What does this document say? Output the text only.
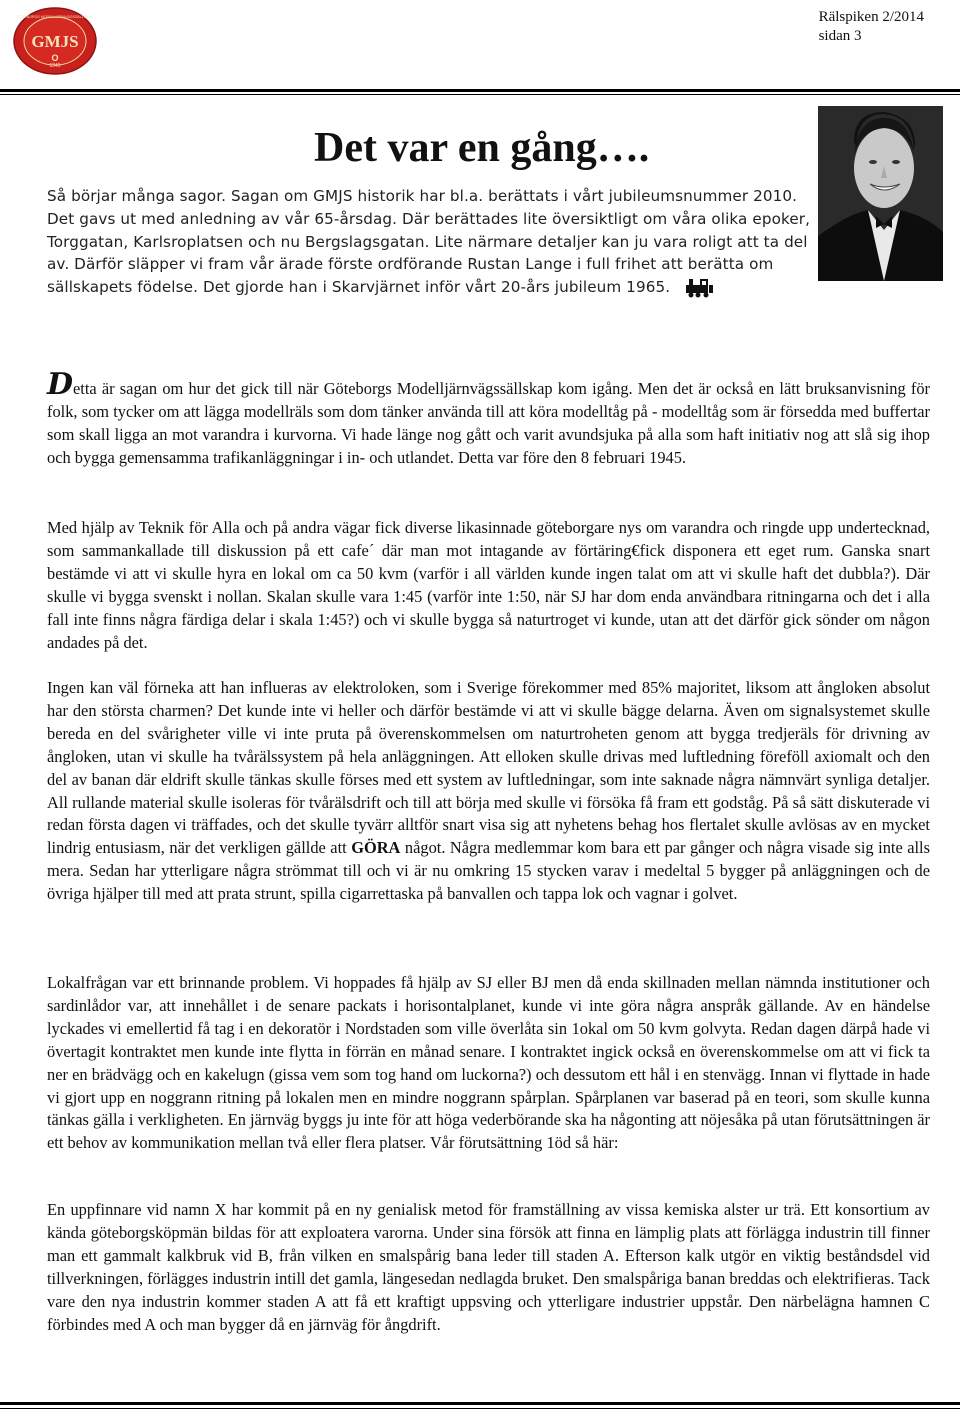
GMJS
1945
GÖTEBORGS MODELLJÄRNVÄGSSÄLLSKAP
O
Rälspiken 2/2014
sidan 3
Det var en gång….

Så börjar många sagor. Sagan om GMJS historik har bl.a. berättats i vårt jubileumsnummer 2010. Det gavs ut med anledning av vår 65-årsdag. Där berättades lite översiktligt om våra olika epoker, Torggatan, Karlsroplatsen och nu Bergslagsgatan. Lite närmare detaljer kan ju vara roligt att ta del av. Därför släpper vi fram vår ärade förste ordförande Rustan Lange i full frihet att berätta om sällskapets födelse. Det gjorde han i Skarvjärnet inför vårt 20-års jubileum 1965.

Detta är sagan om hur det gick till när Göteborgs Modelljärnvägssällskap kom igång. Men det är också en lätt bruksanvisning för folk, som tycker om att lägga modellräls som dom tänker använda till att köra modelltåg på - modelltåg som är försedda med buffertar som skall ligga an mot varandra i kurvorna. Vi hade länge nog gått och varit avundsjuka på alla som haft initiativ nog att slå sig ihop och bygga gemensamma trafikanläggningar i in- och utlandet. Detta var före den 8 februari 1945.

Med hjälp av Teknik för Alla och på andra vägar fick diverse likasinnade göteborgare nys om varandra och ringde upp undertecknad, som sammankallade till diskussion på ett cafe´ där man mot intagande av förtäring€fick disponera ett eget rum. Ganska snart bestämde vi att vi skulle hyra en lokal om ca 50 kvm (varför i all världen kunde ingen talat om att vi skulle haft det dubbla?). Där skulle vi bygga svenskt i nollan. Skalan skulle vara 1:45 (varför inte 1:50, när SJ har dom enda användbara ritningarna och det i alla fall inte finns några färdiga delar i skala 1:45?) och vi skulle bygga så naturtroget vi kunde, utan att det därför gick sönder om någon andades på det.

Ingen kan väl förneka att han influeras av elektroloken, som i Sverige förekommer med 85% majoritet, liksom att ångloken absolut har den största charmen? Det kunde inte vi heller och därför bestämde vi att vi skulle bägge delarna. Även om signalsystemet skulle bereda en del svårigheter ville vi inte pruta på överenskommelsen om naturtroheten genom att bygga tredjeräls för drivning av ångloken, utan vi skulle ha tvårälssystem på hela anläggningen. Att elloken skulle drivas med luftledning föreföll axiomalt och den del av banan där eldrift skulle tänkas skulle förses med ett system av luftledningar, som inte saknade några nämnvärt synliga detaljer. All rullande material skulle isoleras för tvårälsdrift och till att börja med skulle vi försöka få fram ett godståg. På så sätt diskuterade vi redan första dagen vi träffades, och det skulle tyvärr alltför snart visa sig att nyhetens behag hos flertalet skulle avlösas av en mycket lindrig entusiasm, när det verkligen gällde att GÖRA något. Några medlemmar kom bara ett par gånger och några visade sig inte alls mera. Sedan har ytterligare några strömmat till och vi är nu omkring 15 stycken varav i medeltal 5 bygger på anläggningen och de övriga hjälper till med att prata strunt, spilla cigarrettaska på banvallen och tappa lok och vagnar i golvet.

Lokalfrågan var ett brinnande problem. Vi hoppades få hjälp av SJ eller BJ men då enda skillnaden mellan nämnda institutioner och sardinlådor var, att innehållet i de senare packats i horisontalplanet, kunde vi inte göra några anspråk gällande. Av en händelse lyckades vi emellertid få tag i en dekoratör i Nordstaden som ville överlåta sin 1okal om 50 kvm golvyta. Redan dagen därpå hade vi övertagit kontraktet men kunde inte flytta in förrän en månad senare. I kontraktet ingick också en överenskommelse om att vi fick ta ner en brädvägg och en kakelugn (gissa vem som tog hand om luckorna?) och dessutom ett hål i en stenvägg. Innan vi flyttade in hade vi gjort upp en noggrann ritning på lokalen men en mindre noggrann spårplan. Spårplanen var baserad på en teori, som skulle kunna tänkas gälla i verkligheten. En järnväg byggs ju inte för att höga vederbörande ska ha någonting att nöjesåka på utan förutsättningen är ett behov av kommunikation mellan två eller flera platser. Vår förutsättning 1öd så här:

En uppfinnare vid namn X har kommit på en ny genialisk metod för framställning av vissa kemiska alster ur trä. Ett konsortium av kända göteborgsköpmän bildas för att exploatera varorna. Under sina försök att finna en lämplig plats att förlägga industrin till finner man ett gammalt kalkbruk vid B, från vilken en smalspårig bana leder till staden A. Efterson kalk utgör en viktig beståndsdel vid tillverkningen, förlägges industrin intill det gamla, längesedan nedlagda bruket. Den smalspåriga banan breddas och elektrifieras. Tack vare den nya industrin kommer staden A att få ett kraftigt uppsving och ytterligare industrier uppstår. Den närbelägna hamnen C förbindes med A och man bygger då en järnväg för ångdrift.
